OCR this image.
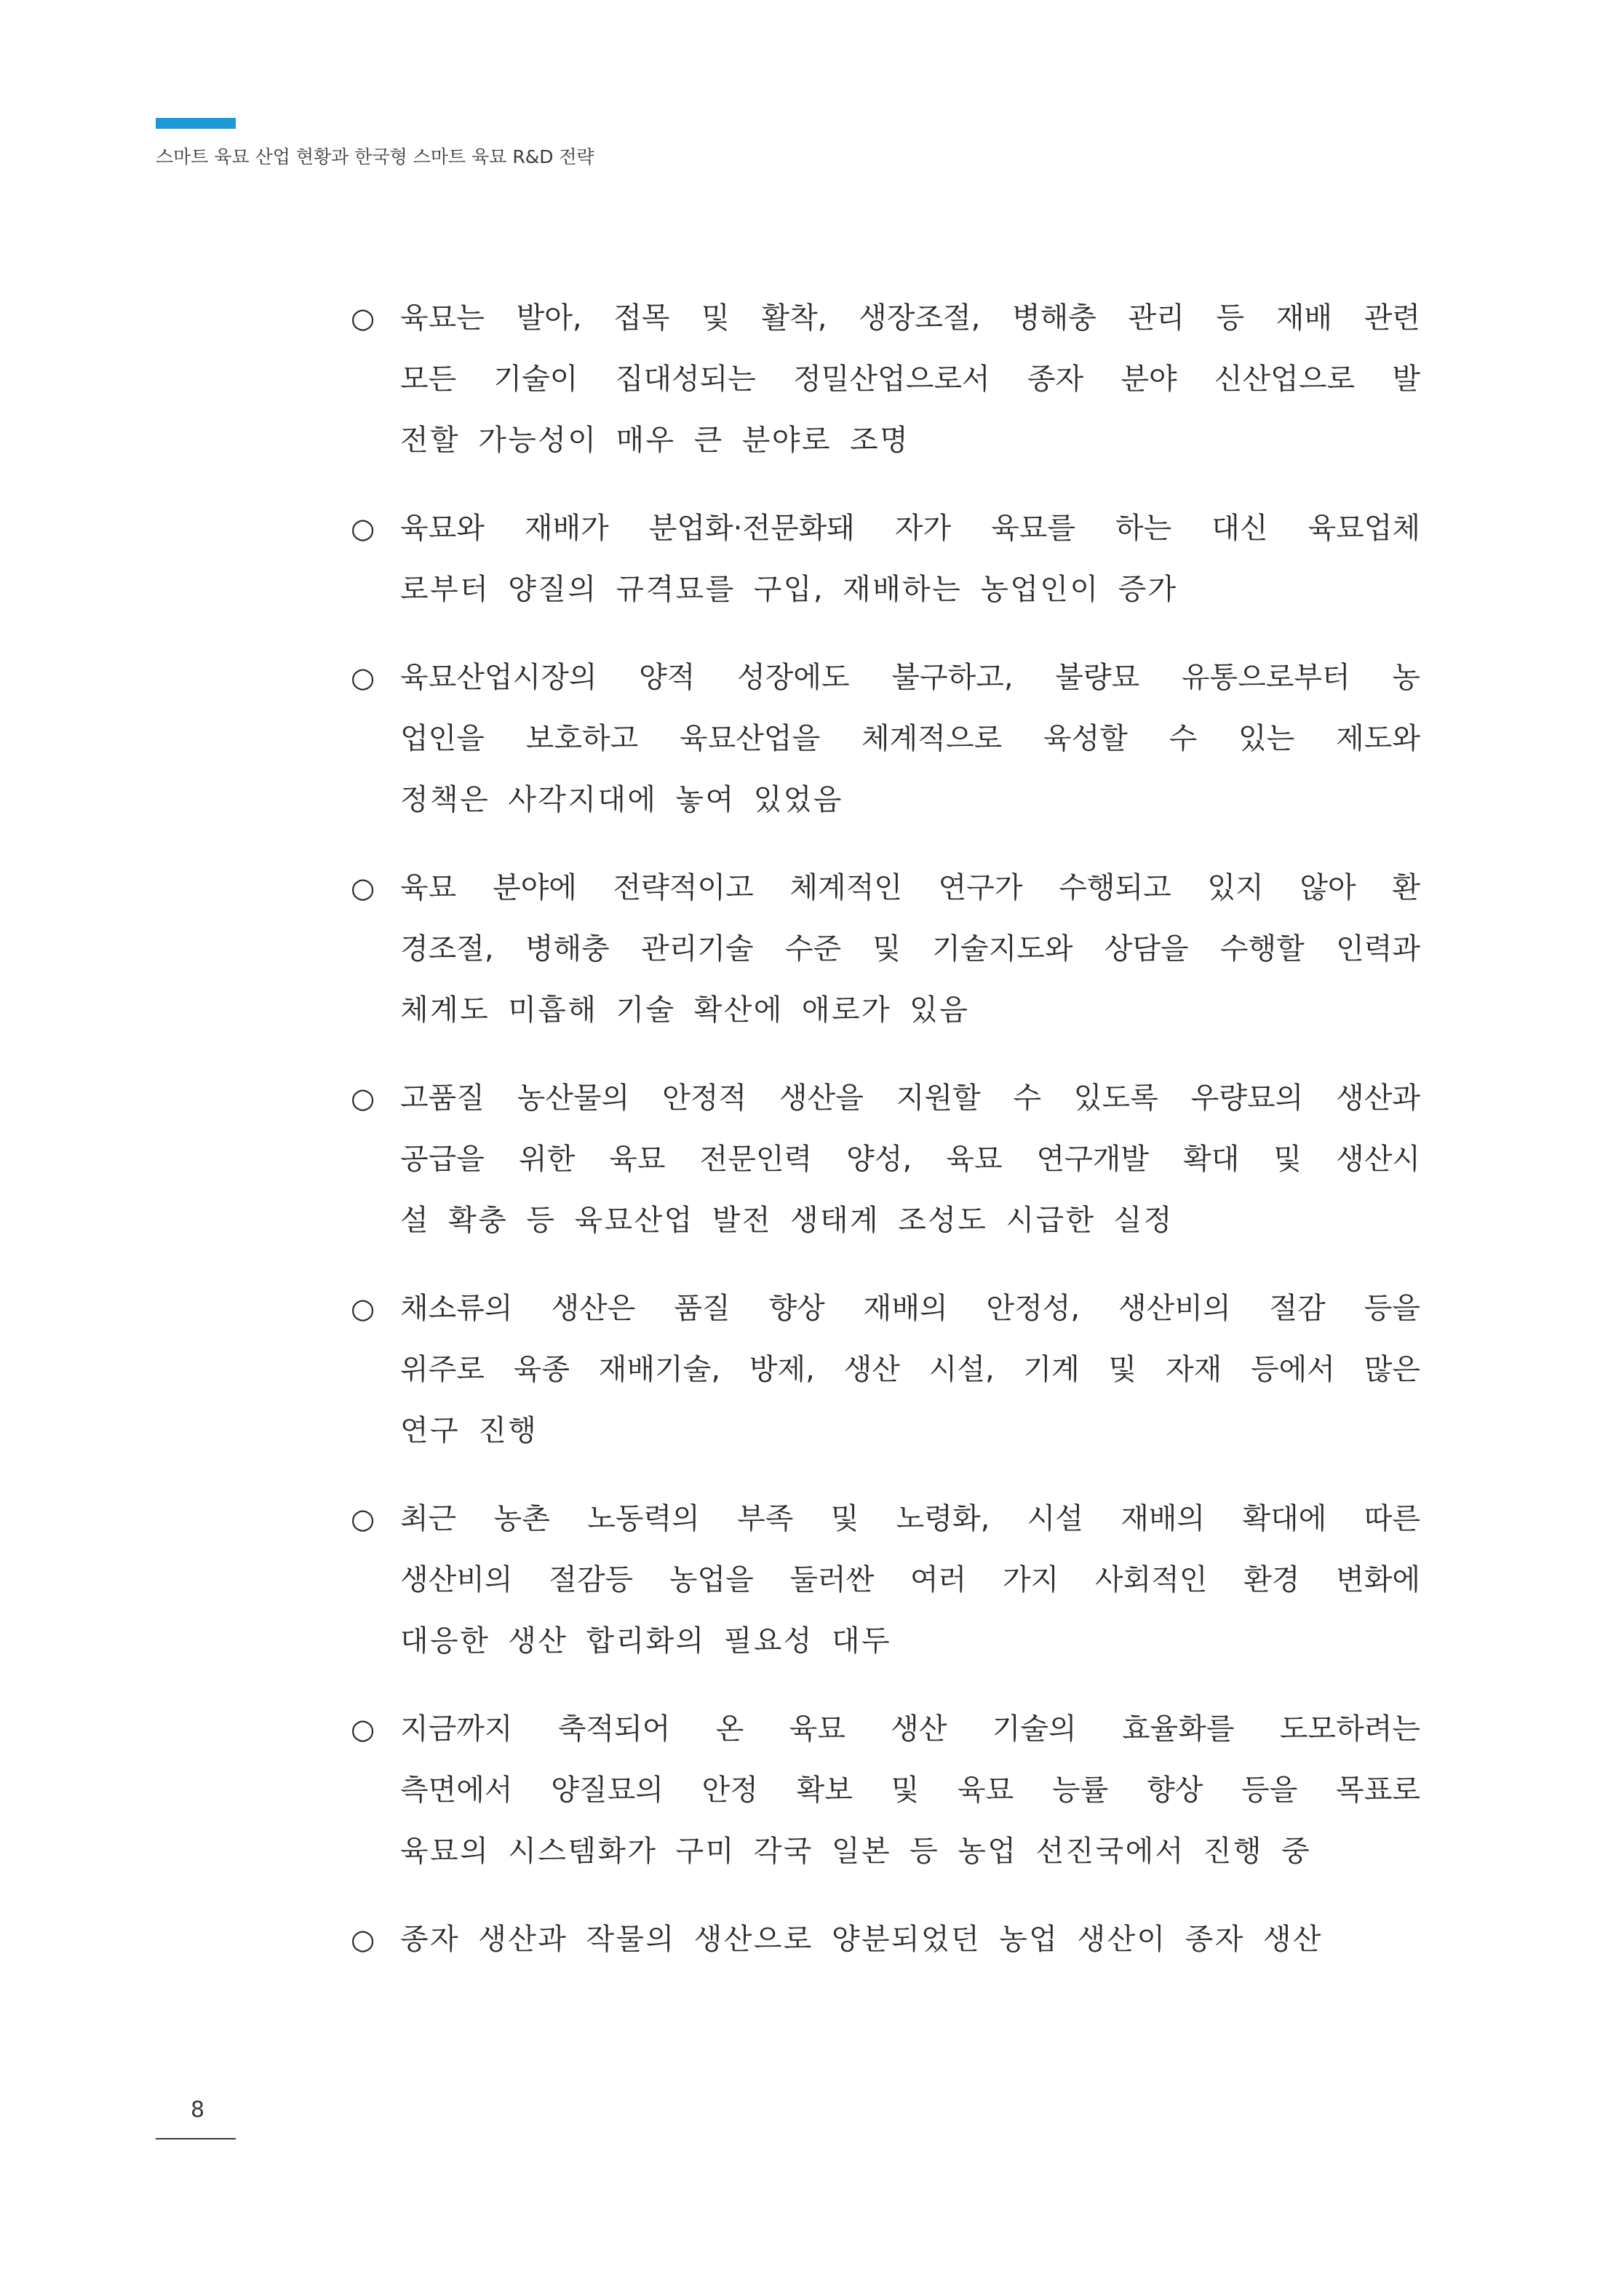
스마트 육묘 산업 현황과 한국형 스마트 육묘 R&D 전략
○ 육묘는 발아, 접목 및 활착, 생장조절, 병해충 관리 등 재배 관련
모든 기술이 집대성되는 정밀산업으로서 종자 분야 신산업으로 발
전할 가능성이 매우 큰 분야로 조명
○ 육묘와 재배가 분업화·전문화돼 자가 육묘를 하는 대신 육묘업체
로부터 양질의 규격묘를 구입, 재배하는 농업인이 증가
○ 육묘산업시장의 양적 성장에도 불구하고, 불량묘 유통으로부터 농
업인을 보호하고 육묘산업을 체계적으로 육성할 수 있는 제도와
정책은 사각지대에 놓여 있었음
○ 육묘 분야에 전략적이고 체계적인 연구가 수행되고 있지 않아 환
경조절, 병해충 관리기술 수준 및 기술지도와 상담을 수행할 인력과
체계도 미흡해 기술 확산에 애로가 있음
○ 고품질 농산물의 안정적 생산을 지원할 수 있도록 우량묘의 생산과
공급을 위한 육묘 전문인력 양성, 육묘 연구개발 확대 및 생산시
설 확충 등 육묘산업 발전 생태계 조성도 시급한 실정
○ 채소류의 생산은 품질 향상 재배의 안정성, 생산비의 절감 등을
위주로 육종 재배기술, 방제, 생산 시설, 기계 및 자재 등에서 많은
연구 진행
○ 최근 농촌 노동력의 부족 및 노령화, 시설 재배의 확대에 따른
생산비의 절감등 농업을 둘러싼 여러 가지 사회적인 환경 변화에
대응한 생산 합리화의 필요성 대두
○ 지금까지 축적되어 온 육묘 생산 기술의 효율화를 도모하려는
측면에서 양질묘의 안정 확보 및 육묘 능률 향상 등을 목표로
육묘의 시스템화가 구미 각국 일본 등 농업 선진국에서 진행 중
○ 종자 생산과 작물의 생산으로 양분되었던 농업 생산이 종자 생산
8
